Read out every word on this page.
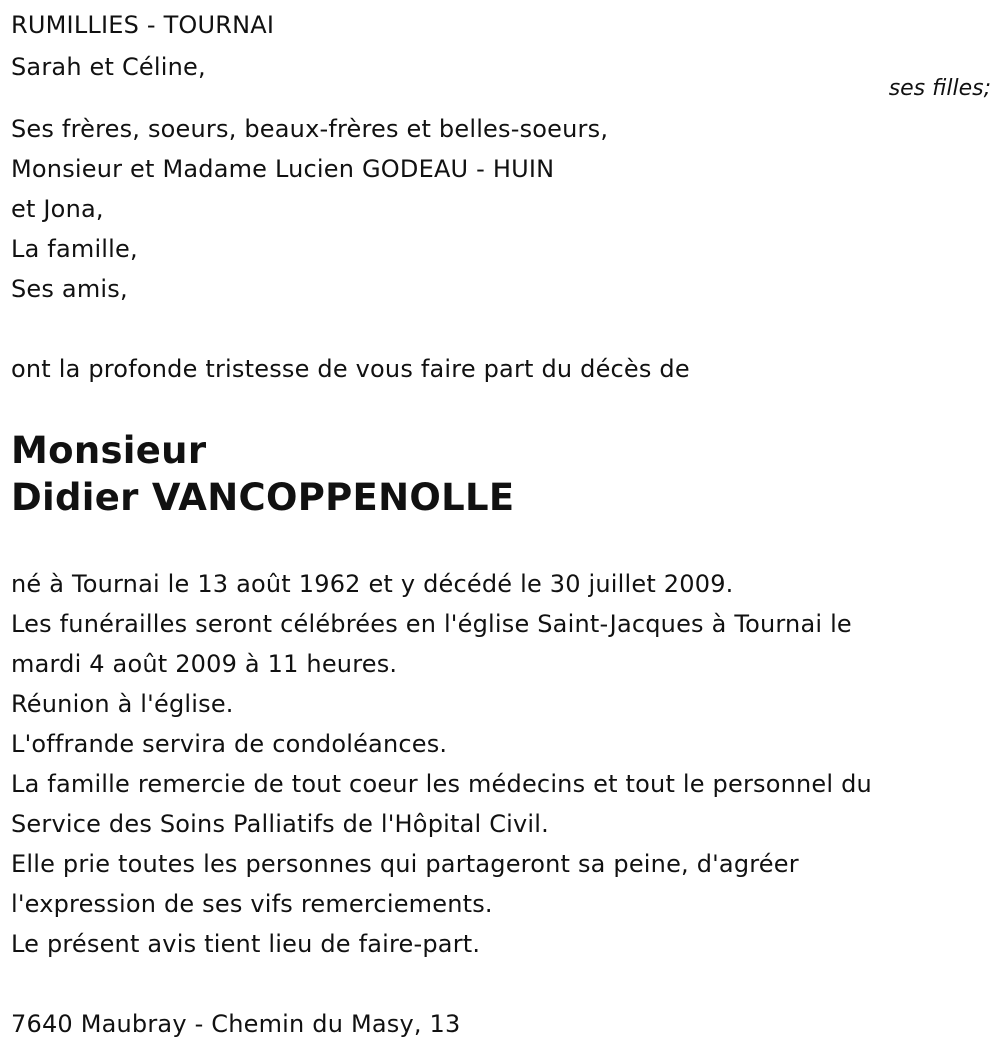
RUMILLIES - TOURNAI
Sarah et Céline,
Ses frères, soeurs, beaux-frères et belles-soeurs,
Monsieur et Madame Lucien GODEAU - HUIN
et Jona,
La famille,
Ses amis,
ont la profonde tristesse de vous faire part du décès de
Monsieur
Didier VANCOPPENOLLE
né à Tournai le 13 août 1962 et y décédé le 30 juillet 2009.
Les funérailles seront célébrées en l'église Saint-Jacques à Tournai le
mardi 4 août 2009 à 11 heures.
Réunion à l'église.
L'offrande servira de condoléances.
La famille remercie de tout coeur les médecins et tout le personnel du
Service des Soins Palliatifs de l'Hôpital Civil.
Elle prie toutes les personnes qui partageront sa peine, d'agréer
l'expression de ses vifs remerciements.
Le présent avis tient lieu de faire-part.
7640 Maubray - Chemin du Masy, 13
ses filles;
